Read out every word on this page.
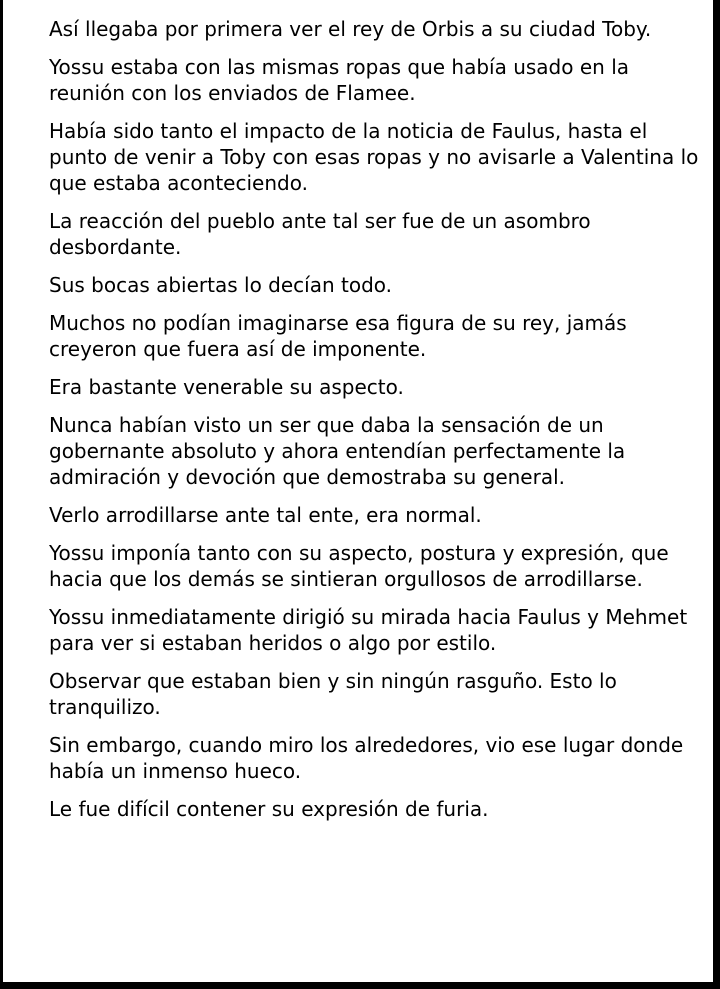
Así llegaba por primera ver el rey de Orbis a su ciudad Toby.

Yossu estaba con las mismas ropas que había usado en la reunión con los enviados de Flamee.

Había sido tanto el impacto de la noticia de Faulus, hasta el punto de venir a Toby con esas ropas y no avisarle a Valentina lo que estaba aconteciendo.

La reacción del pueblo ante tal ser fue de un asombro desbordante.

Sus bocas abiertas lo decían todo.

Muchos no podían imaginarse esa figura de su rey, jamás creyeron que fuera así de imponente.

Era bastante venerable su aspecto.

Nunca habían visto un ser que daba la sensación de un gobernante absoluto y ahora entendían perfectamente la admiración y devoción que demostraba su general.

Verlo arrodillarse ante tal ente, era normal.

Yossu imponía tanto con su aspecto, postura y expresión, que hacia que los demás se sintieran orgullosos de arrodillarse.

Yossu inmediatamente dirigió su mirada hacia Faulus y Mehmet para ver si estaban heridos o algo por estilo.

Observar que estaban bien y sin ningún rasguño. Esto lo tranquilizo.

Sin embargo, cuando miro los alrededores, vio ese lugar donde había un inmenso hueco.

Le fue difícil contener su expresión de furia.
